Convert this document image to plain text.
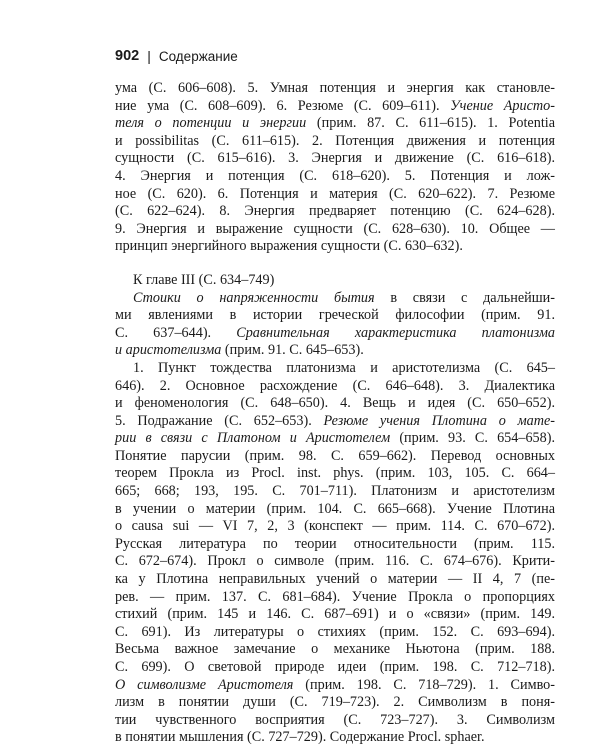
902 | Содержание
ума (С. 606–608). 5. Умная потенция и энергия как становле-
ние ума (С. 608–609). 6. Резюме (С. 609–611). Учение Аристо-
теля о потенции и энергии (прим. 87. С. 611–615). 1. Potentia
и possibilitas (С. 611–615). 2. Потенция движения и потенция
сущности (С. 615–616). 3. Энергия и движение (С. 616–618).
4. Энергия и потенция (С. 618–620). 5. Потенция и лож-
ное (С. 620). 6. Потенция и материя (С. 620–622). 7. Резюме
(С. 622–624). 8. Энергия предваряет потенцию (С. 624–628).
9. Энергия и выражение сущности (С. 628–630). 10. Общее —
принцип энергийного выражения сущности (С. 630–632).
К главе III (С. 634–749)
Стоики о напряженности бытия в связи с дальнейши-
ми явлениями в истории греческой философии (прим. 91.
С. 637–644). Сравнительная характеристика платонизма
и аристотелизма (прим. 91. С. 645–653).
1. Пункт тождества платонизма и аристотелизма (С. 645–
646). 2. Основное расхождение (С. 646–648). 3. Диалектика
и феноменология (С. 648–650). 4. Вещь и идея (С. 650–652).
5. Подражание (С. 652–653). Резюме учения Плотина о мате-
рии в связи с Платоном и Аристотелем (прим. 93. С. 654–658).
Понятие парусии (прим. 98. С. 659–662). Перевод основных
теорем Прокла из Procl. inst. phys. (прим. 103, 105. С. 664–
665; 668; 193, 195. С. 701–711). Платонизм и аристотелизм
в учении о материи (прим. 104. С. 665–668). Учение Плотина
о causa sui — VI 7, 2, 3 (конспект — прим. 114. С. 670–672).
Русская литература по теории относительности (прим. 115.
С. 672–674). Прокл о символе (прим. 116. С. 674–676). Крити-
ка у Плотина неправильных учений о материи — II 4, 7 (пе-
рев. — прим. 137. С. 681–684). Учение Прокла о пропорциях
стихий (прим. 145 и 146. С. 687–691) и о «связи» (прим. 149.
С. 691). Из литературы о стихиях (прим. 152. С. 693–694).
Весьма важное замечание о механике Ньютона (прим. 188.
С. 699). О световой природе идеи (прим. 198. С. 712–718).
О символизме Аристотеля (прим. 198. С. 718–729). 1. Симво-
лизм в понятии души (С. 719–723). 2. Символизм в поня-
тии чувственного восприятия (С. 723–727). 3. Символизм
в понятии мышления (С. 727–729). Содержание Procl. sphaer.
